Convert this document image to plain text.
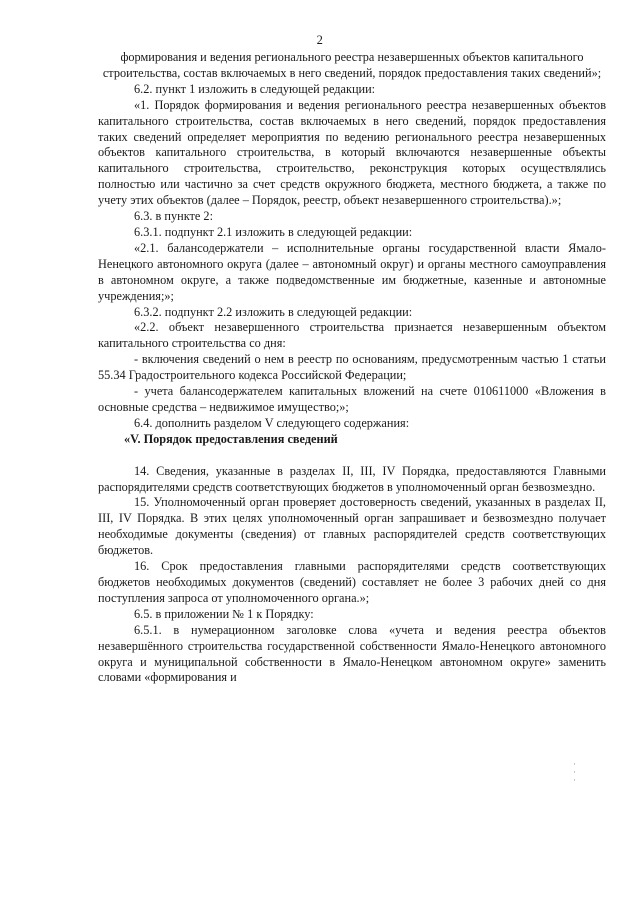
2

формирования и ведения регионального реестра незавершенных объектов капитального строительства, состав включаемых в него сведений, порядок предоставления таких сведений»;

6.2. пункт 1 изложить в следующей редакции:

«1. Порядок формирования и ведения регионального реестра незавершенных объектов капитального строительства, состав включаемых в него сведений, порядок предоставления таких сведений определяет мероприятия по ведению регионального реестра незавершенных объектов капитального строительства, в который включаются незавершенные объекты капитального строительства, строительство, реконструкция которых осуществлялись полностью или частично за счет средств окружного бюджета, местного бюджета, а также по учету этих объектов (далее – Порядок, реестр, объект незавершенного строительства).»;

6.3. в пункте 2:

6.3.1. подпункт 2.1 изложить в следующей редакции:

«2.1. балансодержатели – исполнительные органы государственной власти Ямало-Ненецкого автономного округа (далее – автономный округ) и органы местного самоуправления в автономном округе, а также подведомственные им бюджетные, казенные и автономные учреждения;»;

6.3.2. подпункт 2.2 изложить в следующей редакции:

«2.2. объект незавершенного строительства признается незавершенным объектом капитального строительства со дня:

- включения сведений о нем в реестр по основаниям, предусмотренным частью 1 статьи 55.34 Градостроительного кодекса Российской Федерации;

- учета балансодержателем капитальных вложений на счете 010611000 «Вложения в основные средства – недвижимое имущество;»;

6.4. дополнить разделом V следующего содержания:

«V. Порядок предоставления сведений

14. Сведения, указанные в разделах II, III, IV Порядка, предоставляются Главными распорядителями средств соответствующих бюджетов в уполномоченный орган безвозмездно.

15. Уполномоченный орган проверяет достоверность сведений, указанных в разделах II, III, IV Порядка. В этих целях уполномоченный орган запрашивает и безвозмездно получает необходимые документы (сведения) от главных распорядителей средств соответствующих бюджетов.

16. Срок предоставления главными распорядителями средств соответствующих бюджетов необходимых документов (сведений) составляет не более 3 рабочих дней со дня поступления запроса от уполномоченного органа.»;

6.5. в приложении № 1 к Порядку:

6.5.1. в нумерационном заголовке слова «учета и ведения реестра объектов незавершённого строительства государственной собственности Ямало-Ненецкого автономного округа и муниципальной собственности в Ямало-Ненецком автономном округе» заменить словами «формирования и

·
·
·
